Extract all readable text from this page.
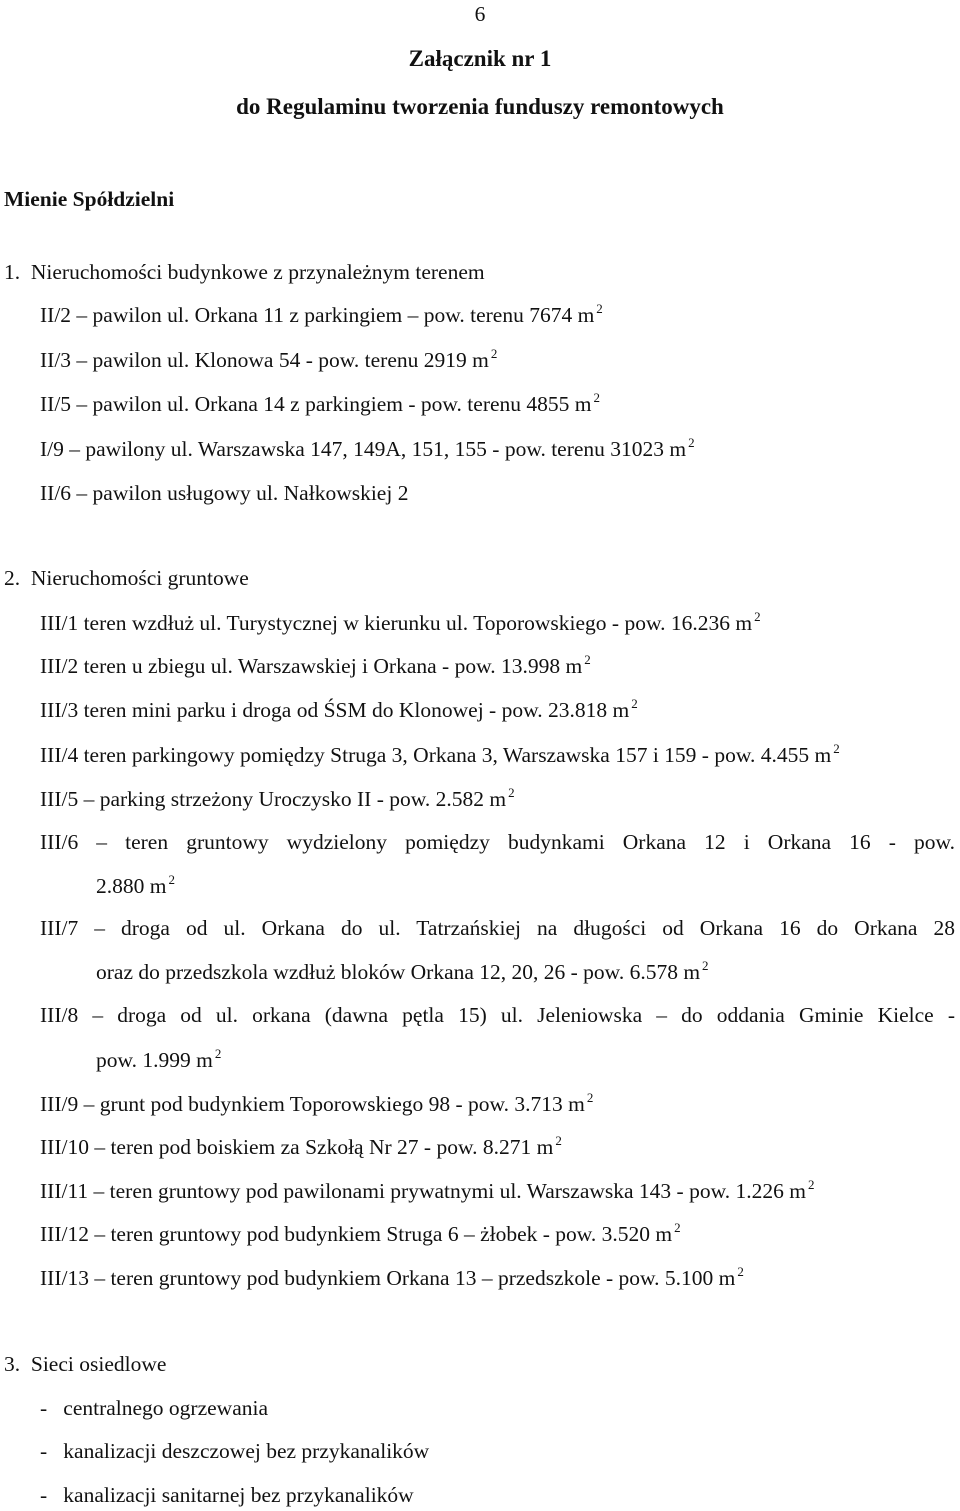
6
Załącznik nr 1
do Regulaminu tworzenia funduszy remontowych
Mienie Spółdzielni
1.  Nieruchomości budynkowe z przynależnym terenem
II/2 – pawilon ul. Orkana 11 z parkingiem – pow. terenu 7674 m $^2$
II/3 – pawilon ul. Klonowa 54 - pow. terenu 2919 m $^2$
II/5 – pawilon ul. Orkana 14 z parkingiem - pow. terenu 4855 m $^2$
I/9 – pawilony ul. Warszawska 147, 149A, 151, 155 - pow. terenu 31023 m $^2$
II/6 – pawilon usługowy ul. Nałkowskiej 2
2.  Nieruchomości gruntowe
III/1 teren wzdłuż ul. Turystycznej w kierunku ul. Toporowskiego - pow. 16.236 m $^2$
III/2 teren u zbiegu ul. Warszawskiej i Orkana - pow. 13.998 m $^2$
III/3 teren mini parku i droga od ŚSM do Klonowej - pow. 23.818 m $^2$
III/4 teren parkingowy pomiędzy Struga 3, Orkana 3, Warszawska 157 i 159 - pow. 4.455 m $^2$
III/5 – parking strzeżony Uroczysko II - pow. 2.582 m $^2$
III/6 – teren gruntowy wydzielony pomiędzy budynkami Orkana 12 i Orkana 16 - pow.
2.880 m $^2$
III/7 – droga od ul. Orkana do ul. Tatrzańskiej na długości od Orkana 16 do Orkana 28
oraz do przedszkola wzdłuż bloków Orkana 12, 20, 26 - pow. 6.578 m $^2$
III/8 – droga od ul. orkana (dawna pętla 15) ul. Jeleniowska – do oddania Gminie Kielce -
pow. 1.999 m $^2$
III/9 – grunt pod budynkiem Toporowskiego 98 - pow. 3.713 m $^2$
III/10 – teren pod boiskiem za Szkołą Nr 27 - pow. 8.271 m $^2$
III/11 – teren gruntowy pod pawilonami prywatnymi ul. Warszawska 143 - pow. 1.226 m $^2$
III/12 – teren gruntowy pod budynkiem Struga 6 – żłobek - pow. 3.520 m $^2$
III/13 – teren gruntowy pod budynkiem Orkana 13 – przedszkole - pow. 5.100 m $^2$
3.  Sieci osiedlowe
-   centralnego ogrzewania
-   kanalizacji deszczowej bez przykanalików
-   kanalizacji sanitarnej bez przykanalików
